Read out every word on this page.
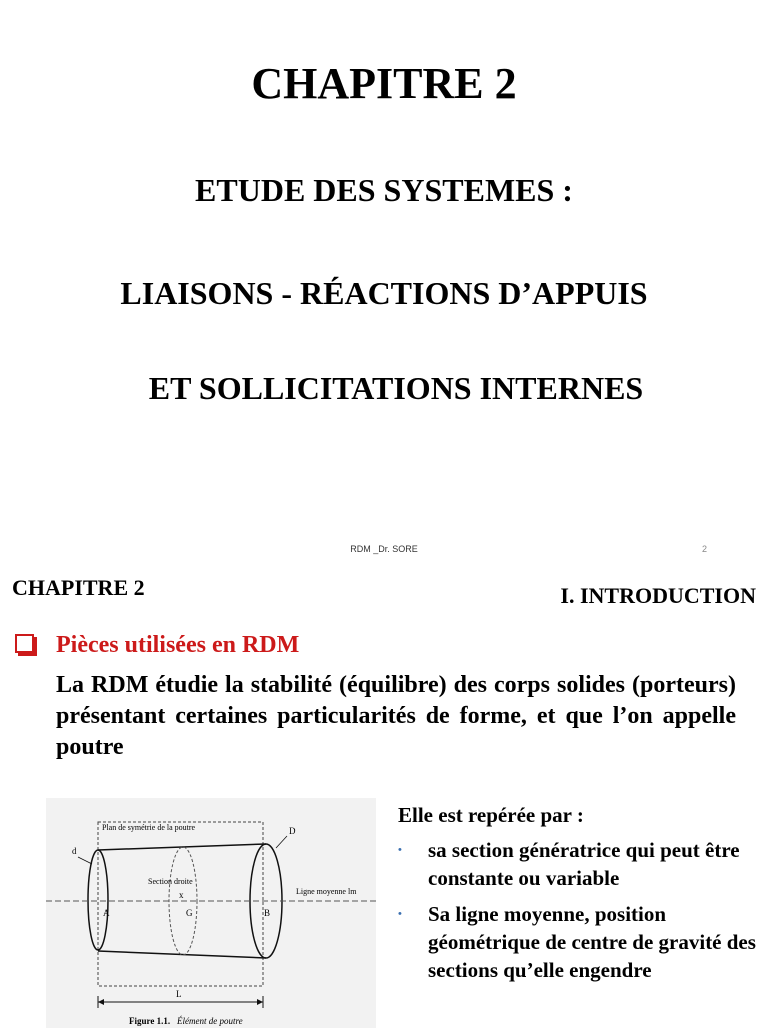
CHAPITRE 2
ETUDE DES SYSTEMES :
LIAISONS - RÉACTIONS D’APPUIS
ET SOLLICITATIONS INTERNES
RDM _Dr. SORE	2
CHAPITRE 2	I. INTRODUCTION
Pièces utilisées en RDM
La RDM étudie la stabilité (équilibre) des corps solides (porteurs) présentant certaines particularités de forme, et que l’on appelle poutre
Plan de symétrie de la poutre
Section droite
Ligne moyenne lm
d
D
A	G	B
x
L
Figure 1.1. Élément de poutre
Elle est repérée par :
• sa section génératrice qui peut être constante ou variable
• Sa ligne moyenne, position géométrique de centre de gravité des sections qu’elle engendre
